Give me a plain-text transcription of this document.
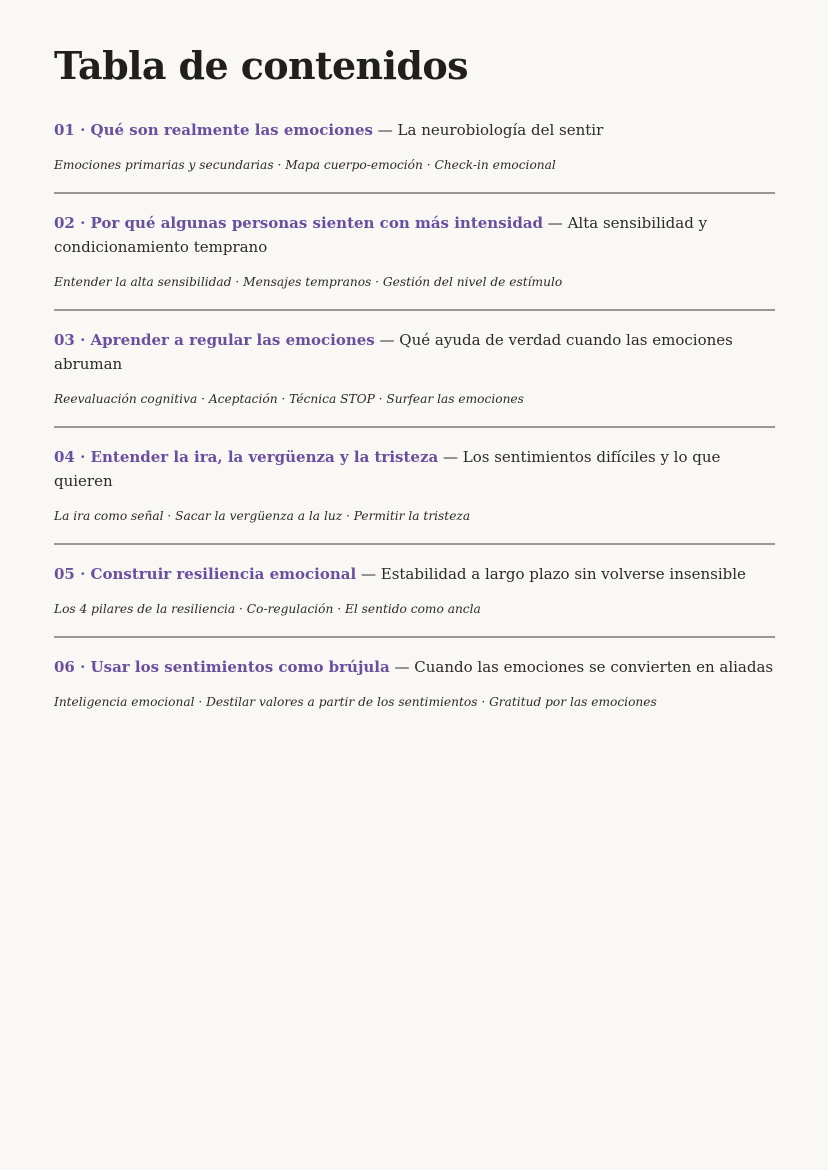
Tabla de contenidos

01 · Qué son realmente las emociones — La neurobiología del sentir

Emociones primarias y secundarias · Mapa cuerpo-emoción · Check-in emocional

02 · Por qué algunas personas sienten con más intensidad — Alta sensibilidad y condicionamiento temprano

Entender la alta sensibilidad · Mensajes tempranos · Gestión del nivel de estímulo

03 · Aprender a regular las emociones — Qué ayuda de verdad cuando las emociones abruman

Reevaluación cognitiva · Aceptación · Técnica STOP · Surfear las emociones

04 · Entender la ira, la vergüenza y la tristeza — Los sentimientos difíciles y lo que quieren

La ira como señal · Sacar la vergüenza a la luz · Permitir la tristeza

05 · Construir resiliencia emocional — Estabilidad a largo plazo sin volverse insensible

Los 4 pilares de la resiliencia · Co-regulación · El sentido como ancla

06 · Usar los sentimientos como brújula — Cuando las emociones se convierten en aliadas

Inteligencia emocional · Destilar valores a partir de los sentimientos · Gratitud por las emociones
